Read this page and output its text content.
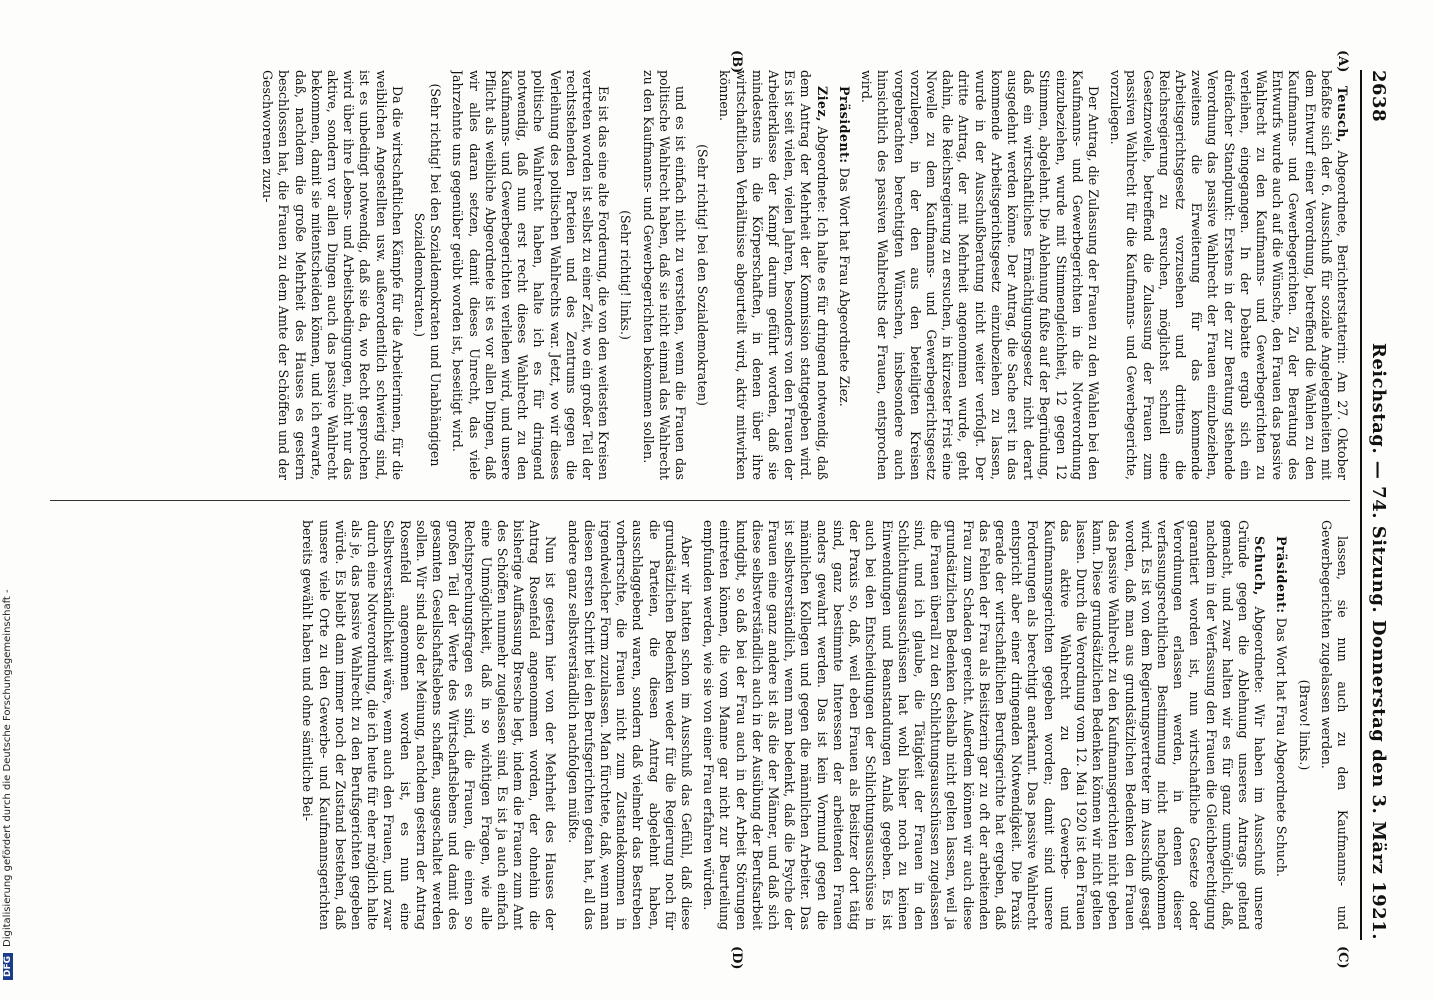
2638
Reichstag. — 74. Sitzung. Donnerstag den 3. März 1921.
(A)
(B)
(C)
(D)

Teusch, Abgeordnete, Berichterstatterin: Am 27. Oktober befaßte sich der 6. Ausschuß für soziale Angelegenheiten mit dem Entwurf einer Verordnung, betreffend die Wahlen zu den Kaufmanns- und Gewerbegerichten. Zu der Beratung des Entwurfs wurde auch auf die Wünsche, den Frauen das passive Wahlrecht zu den Kaufmanns- und Gewerbegerichten zu verleihen, eingegangen. In der Debatte ergab sich ein dreifacher Standpunkt: Erstens in der zur Beratung stehende Verordnung das passive Wahlrecht der Frauen einzubeziehen, zweitens die Erweiterung für das kommende Arbeitsgerichtsgesetz vorzusehen und drittens die Reichsregierung zu ersuchen, möglichst schnell eine Gesetznovelle, betreffend die Zulassung der Frauen zum passiven Wahlrecht für die Kaufmanns- und Gewerbegerichte, vorzulegen.

Der Antrag, die Zulassung der Frauen zu den Wahlen bei den Kaufmanns- und Gewerbegerichten in die Notverordnung einzubeziehen, wurde mit Stimmengleichheit, 12 gegen 12 Stimmen, abgelehnt. Die Ablehnung fußte auf der Begründung, daß ein wirtschaftliches Ermächtigungsgesetz nicht derart ausgedehnt werden könne. Der Antrag, die Sache erst in das kommende Arbeitsgerichtsgesetz einzubeziehen zu lassen, wurde in der Ausschußberatung nicht weiter verfolgt. Der dritte Antrag, der mit Mehrheit angenommen wurde, geht dahin, die Reichsregierung zu ersuchen, in kürzester Frist eine Novelle zu dem Kaufmanns- und Gewerbegerichtsgesetz vorzulegen, in der den aus den beteiligten Kreisen vorgebrachten berechtigten Wünschen, insbesondere auch hinsichtlich des passiven Wahlrechts der Frauen, entsprochen wird.

Präsident: Das Wort hat Frau Abgeordnete Ziez.

Ziez, Abgeordnete: Ich halte es für dringend notwendig, daß dem Antrag der Mehrheit der Kommission stattgegeben wird. Es ist seit vielen, vielen Jahren, besonders von den Frauen der Arbeiterklasse der Kampf darum geführt worden, daß sie mindestens in die Körperschaften, in denen über ihre wirtschaftlichen Verhältnisse abgeurteilt wird, aktiv mitwirken können.

(Sehr richtig! bei den Sozialdemokraten)

und es ist einfach nicht zu verstehen, wenn die Frauen das politische Wahlrecht haben, daß sie nicht einmal das Wahlrecht zu den Kaufmanns- und Gewerbegerichten bekommen sollen.

(Sehr richtig! links.)

Es ist das eine alte Forderung, die von den weitesten Kreisen vertreten worden ist selbst zu einer Zeit, wo ein großer Teil der rechtsstehenden Parteien und des Zentrums gegen die Verleihung des politischen Wahlrechts war. Jetzt, wo wir dieses politische Wahlrecht haben, halte ich es für dringend notwendig, daß nun erst recht dieses Wahlrecht zu den Kaufmanns- und Gewerbegerichten verliehen wird, und unsere Pflicht als weibliche Abgeordnete ist es vor allen Dingen, daß wir alles daran setzen, damit dieses Unrecht, das viele Jahrzehnte uns gegenüber geübt worden ist, beseitigt wird.

(Sehr richtig! bei den Sozialdemokraten und Unabhängigen Sozialdemokraten.)

Da die wirtschaftlichen Kämpfe für die Arbeiterinnen, für die weiblichen Angestellten usw. außerordentlich schwierig sind, ist es unbedingt notwendig, daß sie da, wo Recht gesprochen wird über ihre Lebens- und Arbeitsbedingungen, nicht nur das aktive, sondern vor allen Dingen auch das passive Wahlrecht bekommen, damit sie mitentscheiden können, und ich erwarte, daß, nachdem die große Mehrheit des Hauses es gestern beschlossen hat, die Frauen zu dem Amte der Schöffen und der Geschworenen zuzu-

lassen, sie nun auch zu den Kaufmanns- und Gewerbegerichten zugelassen werden.

(Bravo! links.)

Präsident: Das Wort hat Frau Abgeordnete Schuch.

Schuch, Abgeordnete: Wir haben im Ausschuß unsere Gründe gegen die Ablehnung unseres Antrags geltend gemacht, und zwar halten wir es für ganz unmöglich, daß, nachdem in der Verfassung den Frauen die Gleichberechtigung garantiert worden ist, nun wirtschaftliche Gesetze oder Verordnungen erlassen werden, in denen dieser verfassungsrechtlichen Bestimmung nicht nachgekommen wird. Es ist von dem Regierungsvertreter im Ausschuß gesagt worden, daß man aus grundsätzlichen Bedenken den Frauen das passive Wahlrecht zu den Kaufmannsgerichten nicht geben kann. Diese grundsätzlichen Bedenken können wir nicht gelten lassen. Durch die Verordnung vom 12. Mai 1920 ist den Frauen das aktive Wahlrecht zu den Gewerbe- und Kaufmannsgerichten gegeben worden; damit sind unsere Forderungen als berechtigt anerkannt. Das passive Wahlrecht entspricht aber einer dringenden Notwendigkeit. Die Praxis gerade der wirtschaftlichen Berufsgerichte hat ergeben, daß das Fehlen der Frau als Beisitzerin gar zu oft der arbeitenden Frau zum Schaden gereicht. Außerdem können wir auch diese grundsätzlichen Bedenken deshalb nicht gelten lassen, weil ja die Frauen überall zu den Schlichtungsausschüssen zugelassen sind, und ich glaube, die Tätigkeit der Frauen in den Schlichtungsausschüssen hat wohl bisher noch zu keinen Einwendungen und Beanstandungen Anlaß gegeben. Es ist auch bei den Entscheidungen der Schlichtungsausschüsse in der Praxis so, daß, weil eben Frauen als Beisitzer dort tätig sind, ganz bestimmte Interessen der arbeitenden Frauen anders gewahrt werden. Das ist kein Vormund gegen die männlichen Kollegen und gegen die männlichen Arbeiter. Das ist selbstverständlich, wenn man bedenkt, daß die Psyche der Frauen eine ganz andere ist als die der Männer, und daß sich diese selbstverständlich auch in der Ausübung der Berufsarbeit kundgibt, so daß bei der Frau auch in der Arbeit Störungen eintreten können, die vom Manne gar nicht zur Beurteilung empfunden werden, wie sie von einer Frau erfahren würden.

Aber wir hatten schon im Ausschuß das Gefühl, daß diese grundsätzlichen Bedenken weder für die Regierung noch für die Parteien, die diesen Antrag abgelehnt haben, ausschlaggebend waren, sondern daß vielmehr das Bestreben vorherrschte, die Frauen nicht zum Zustandekommen in irgendwelcher Form zuzulassen. Man fürchtete, daß, wenn man diesen ersten Schritt bei den Berufsgerichten getan hat, all das andere ganz selbstverständlich nachfolgen müßte.

Nun ist gestern hier von der Mehrheit des Hauses der Antrag Rosenfeld angenommen worden, der ohnehin die bisherige Auffassung Bresche legt, indem die Frauen zum Amt des Schöffen nunmehr zugelassen sind. Es ist ja auch einfach eine Unmöglichkeit, daß in so wichtigen Fragen, wie alle Rechtsprechungsfragen es sind, die Frauen, die einen so großen Teil der Werte des Wirtschaftslebens und damit des gesamten Gesellschaftslebens schaffen, ausgeschaltet werden sollen. Wir sind also der Meinung, nachdem gestern der Antrag Rosenfeld angenommen worden ist, es nun eine Selbstverständlichkeit wäre, wenn auch den Frauen, und zwar durch eine Notverordnung, die ich heute für eher möglich halte als je, das passive Wahlrecht zu den Berufsgerichten gegeben würde. Es bleibt dann immer noch der Zustand bestehen, daß unsere viele Orte zu den Gewerbe- und Kaufmannsgerichten bereits gewählt haben und ohne sämtliche Bei-

DFGDigitalisierung gefördert durch die Deutsche Forschungsgemeinschaft -
